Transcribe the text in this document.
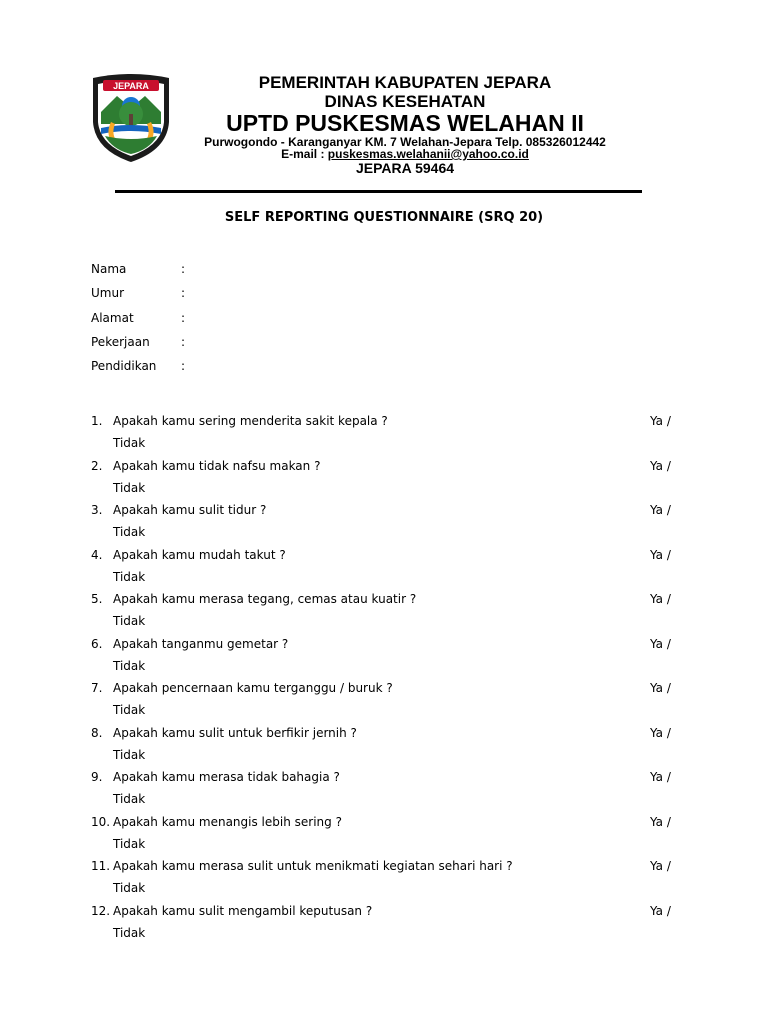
JEPARA	PEMERINTAH KABUPATEN JEPARA
DINAS KESEHATAN
UPTD PUSKESMAS WELAHAN II
Purwogondo - Karanganyar KM. 7 Welahan-Jepara Telp. 085326012442
E-mail : puskesmas.welahanii@yahoo.co.id
JEPARA 59464
SELF REPORTING QUESTIONNAIRE (SRQ 20)
Nama	:
Umur	:
Alamat	:
Pekerjaan	:
Pendidikan :
1. Apakah kamu sering menderita sakit kepala ?	Ya /
Tidak
2. Apakah kamu tidak nafsu makan ?	Ya /
Tidak
3. Apakah kamu sulit tidur ?	Ya /
Tidak
4. Apakah kamu mudah takut ?	Ya /
Tidak
5. Apakah kamu merasa tegang, cemas atau kuatir ?	Ya /
Tidak
6. Apakah tanganmu gemetar ?	Ya /
Tidak
7. Apakah pencernaan kamu terganggu / buruk ?	Ya /
Tidak
8. Apakah kamu sulit untuk berfikir jernih ?	Ya /
Tidak
9. Apakah kamu merasa tidak bahagia ?	Ya /
Tidak
10. Apakah kamu menangis lebih sering ?	Ya /
Tidak
11. Apakah kamu merasa sulit untuk menikmati kegiatan sehari hari ?	Ya /
Tidak
12. Apakah kamu sulit mengambil keputusan ?	Ya /
Tidak
